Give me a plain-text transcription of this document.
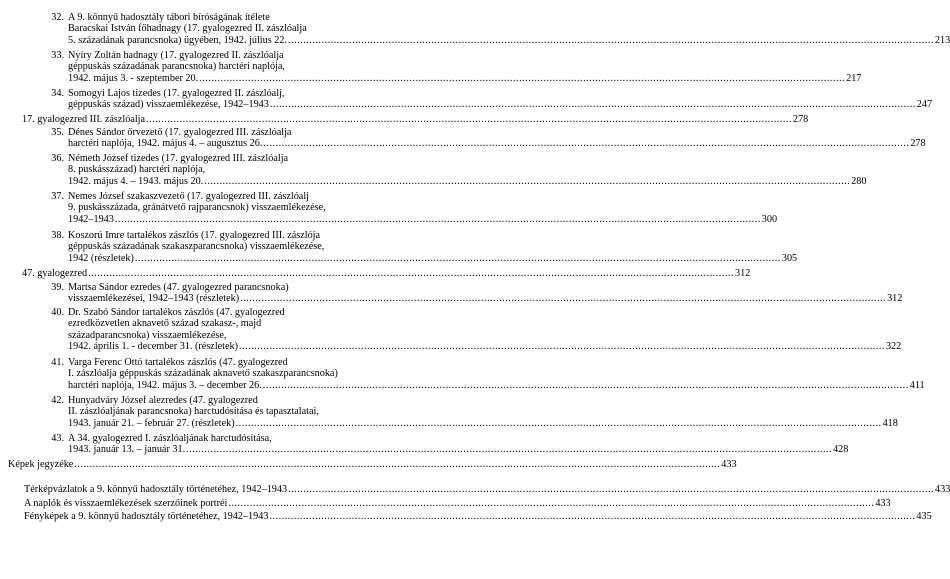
32. A 9. könnyű hadosztály tábori bíróságának ítélete
Baracskai István főhadnagy (17. gyalogezred II. zászlóalja
5. századának parancsnoka) ügyében, 1942. július 22. .....	213
33. Nyíry Zoltán hadnagy (17. gyalogezred II. zászlóalja
géppuskás századának parancsnoka) harctéri naplója,
1942. május 3. - szeptember 20. .....	217
34. Somogyi Lajos tizedes (17. gyalogezred II. zászlóalj,
géppuskás század) visszaemlékezése, 1942–1943 .....	247
17. gyalogezred III. zászlóalja .....	278
35. Dénes Sándor őrvezető (17. gyalogezred III. zászlóalja
harctéri naplója, 1942. május 4. – augusztus 26. .....	278
36. Németh József tizedes (17. gyalogezred III. zászlóalja
8. puskásszázad) harctéri naplója,
1942. május 4. – 1943. május 20. .....	280
37. Nemes József szakaszvezető (17. gyalogezred III. zászlóalj
9. puskásszázada, gránátvető rajparancsnok) visszaemlékezése,
1942–1943 .....	300
38. Koszorú Imre tartalékos zászlós (17. gyalogezred III. zászlója
géppuskás századának szakaszparancsnoka) visszaemlékezése,
1942 (részletek) .....	305
47. gyalogezred .....	312
39. Martsa Sándor ezredes (47. gyalogezred parancsnoka)
visszaemlékezései, 1942–1943 (részletek) .....	312
40. Dr. Szabó Sándor tartalékos zászlós (47. gyalogezred
ezredközvetlen aknavető század szakasz-, majd
századparancsnoka) visszaemlékezése,
1942. április 1. - december 31. (részletek) .....	322
41. Varga Ferenc Ottó tartalékos zászlós (47. gyalogezred
I. zászlóalja géppuskás századának aknavető szakaszparancsnoka)
harctéri naplója, 1942. május 3. – december 26. .....	411
42. Hunyadváry József alezredes (47. gyalogezred
II. zászlóaljának parancsnoka) harctudósítása és tapasztalatai,
1943. január 21. – február 27. (részletek) .....	418
43. A 34. gyalogezred I. zászlóaljának harctudósítása,
1943. január 13. – január 31. .....	428
Képek jegyzéke .....	433
Térképvázlatok a 9. könnyű hadosztály történetéhez, 1942–1943 .....	433
A naplók és visszaemlékezések szerzőinek portréi .....	433
Fényképek a 9. könnyű hadosztály történetéhez, 1942–1943 .....	435
